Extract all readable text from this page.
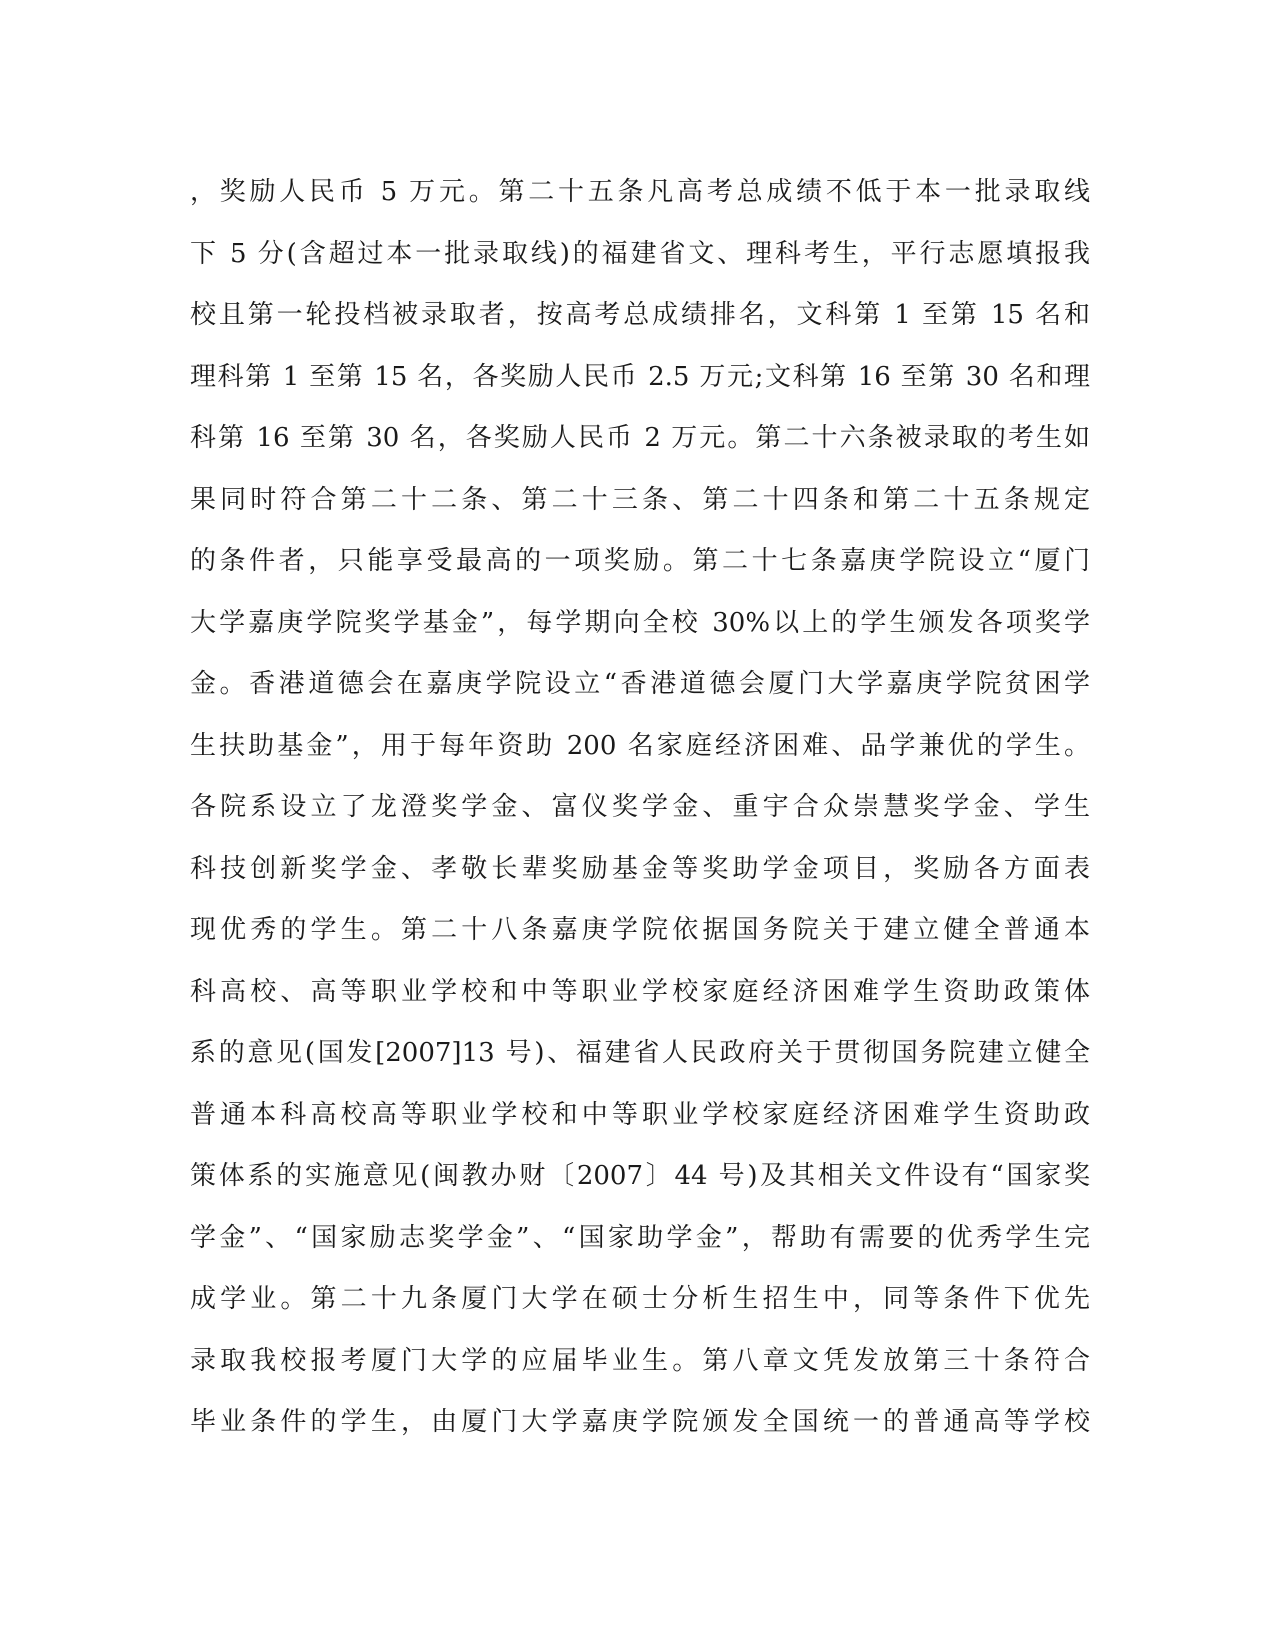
，奖励人民币 5 万元。第二十五条凡高考总成绩不低于本一批录取线
下 5 分(含超过本一批录取线)的福建省文、理科考生，平行志愿填报我
校且第一轮投档被录取者，按高考总成绩排名，文科第 1 至第 15 名和
理科第 1 至第 15 名，各奖励人民币 2.5 万元;文科第 16 至第 30 名和理
科第 16 至第 30 名，各奖励人民币 2 万元。第二十六条被录取的考生如
果同时符合第二十二条、第二十三条、第二十四条和第二十五条规定
的条件者，只能享受最高的一项奖励。第二十七条嘉庚学院设立“厦门
大学嘉庚学院奖学基金”，每学期向全校 30%以上的学生颁发各项奖学
金。香港道德会在嘉庚学院设立“香港道德会厦门大学嘉庚学院贫困学
生扶助基金”，用于每年资助 200 名家庭经济困难、品学兼优的学生。
各院系设立了龙澄奖学金、富仪奖学金、重宇合众崇慧奖学金、学生
科技创新奖学金、孝敬长辈奖励基金等奖助学金项目，奖励各方面表
现优秀的学生。第二十八条嘉庚学院依据国务院关于建立健全普通本
科高校、高等职业学校和中等职业学校家庭经济困难学生资助政策体
系的意见(国发[2007]13 号)、福建省人民政府关于贯彻国务院建立健全
普通本科高校高等职业学校和中等职业学校家庭经济困难学生资助政
策体系的实施意见(闽教办财〔2007〕44 号)及其相关文件设有“国家奖
学金”、“国家励志奖学金”、“国家助学金”，帮助有需要的优秀学生完
成学业。第二十九条厦门大学在硕士分析生招生中，同等条件下优先
录取我校报考厦门大学的应届毕业生。第八章文凭发放第三十条符合
毕业条件的学生，由厦门大学嘉庚学院颁发全国统一的普通高等学校
